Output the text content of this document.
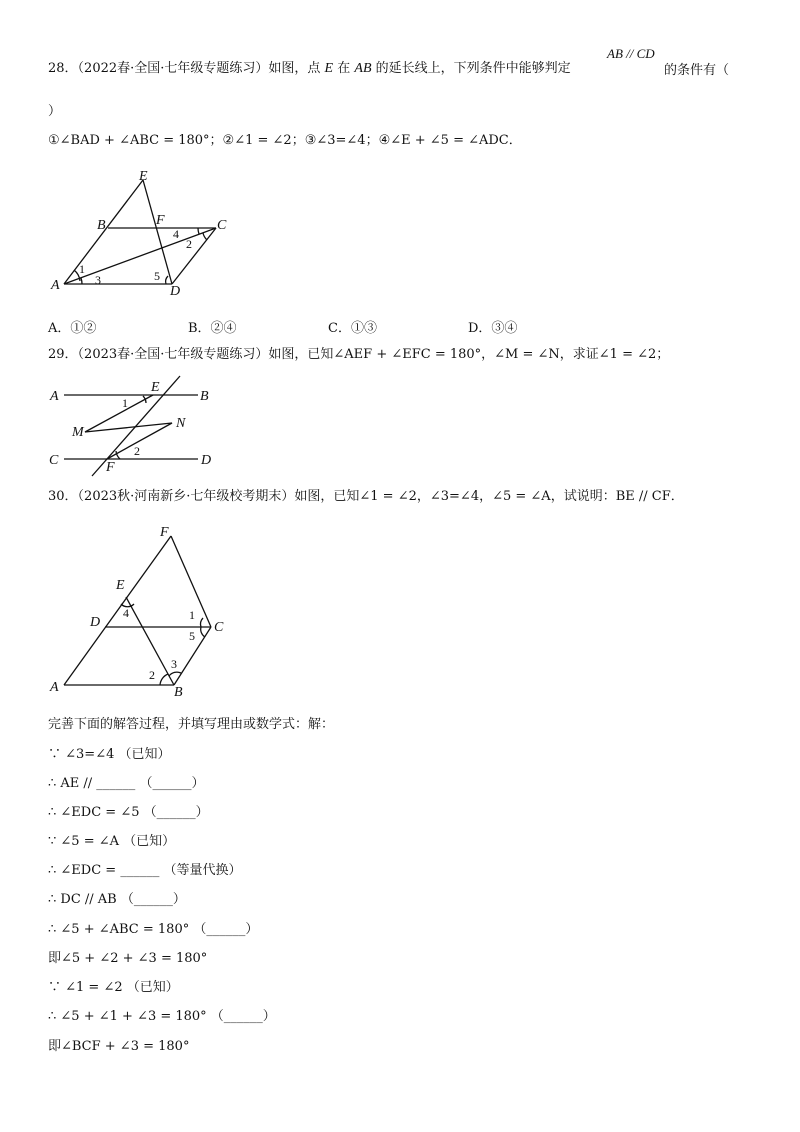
28．（2022春·全国·七年级专题练习）如图，点 E 在 AB 的延长线上，下列条件中能够判定
AB // CD
的条件有（
）
①∠BAD + ∠ABC = 180°；②∠1 = ∠2；③∠3=∠4；④∠E + ∠5 = ∠ADC．
E
B	F	C
A	D
1
3
4
2
5
A．①②	B．②④	C．①③	D．③④
29．（2023春·全国·七年级专题练习）如图，已知∠AEF + ∠EFC = 180°，∠M = ∠N，求证∠1 = ∠2；
A
E
B
1
M
N
C
2
D
F
30．（2023秋·河南新乡·七年级校考期末）如图，已知∠1 = ∠2，∠3=∠4，∠5 = ∠A，试说明：BE // CF．
F
E
D
4	1
C
5
A
2
3
B
完善下面的解答过程，并填写理由或数学式：解：
∵ ∠3=∠4 （已知）
∴ AE // ______ （______）
∴ ∠EDC = ∠5 （______）
∵ ∠5 = ∠A （已知）
∴ ∠EDC = ______ （等量代换）
∴ DC // AB （______）
∴ ∠5 + ∠ABC = 180° （______）
即∠5 + ∠2 + ∠3 = 180°
∵ ∠1 = ∠2 （已知）
∴ ∠5 + ∠1 + ∠3 = 180° （______）
即∠BCF + ∠3 = 180°
